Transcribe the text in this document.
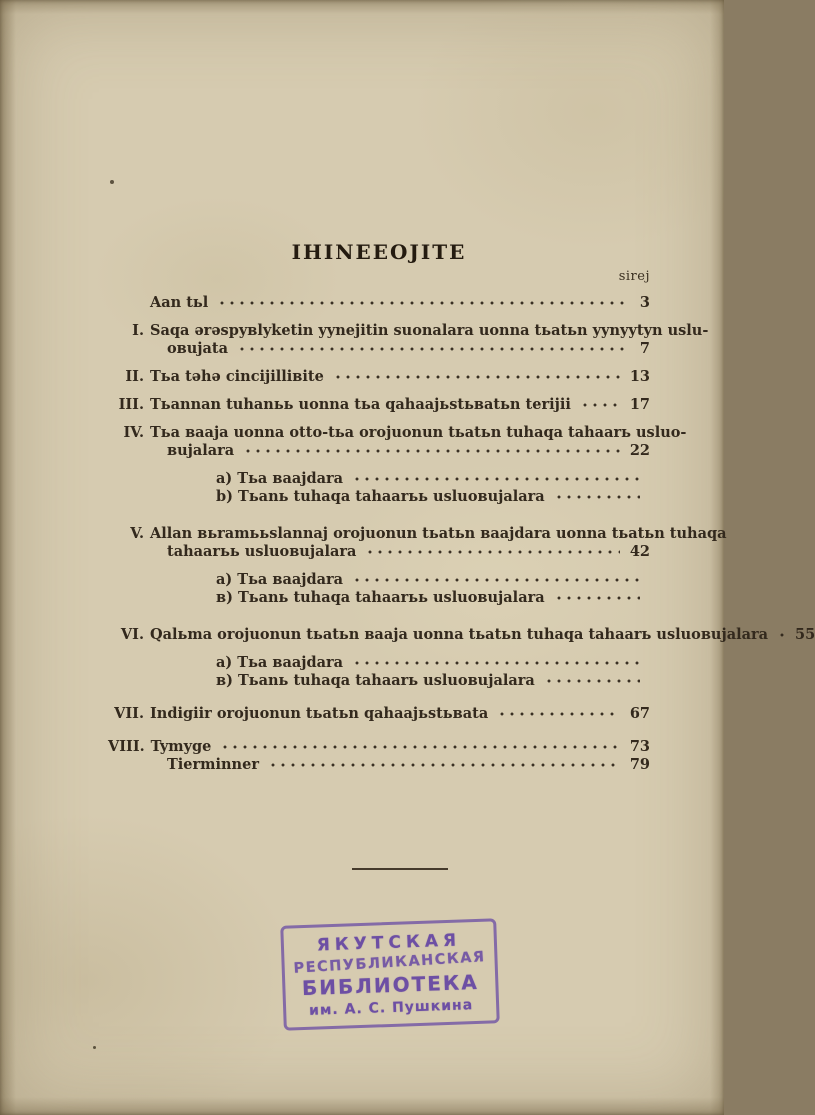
IHINEEOJITE
sirej
Aan tьl	3
I. Saqa ərəspyʙlyketin yynejitin suonalara uonna tьatьn yynyytyn uslu-
oʙujata	7
II. Tьa təhə cincijilliʙite	13
III. Tьannan tuhanьь uonna tьa qahaajьstьʙatьn terijii	17
IV. Tьa ʙaaja uonna otto-tьa orojuonun tьatьn tuhaqa tahaarь usluo-
ʙujalara	22
a) Tьa ʙaajdara
b) Tьanь tuhaqa tahaarьь usluoʙujalara
V. Allan ʙьramььslannaj orojuonun tьatьn ʙaajdara uonna tьatьn tuhaqa
tahaarьь usluoʙujalara	42
a) Tьa ʙaajdara
в) Tьanь tuhaqa tahaarьь usluoʙujalara
VI. Qalьma orojuonun tьatьn ʙaaja uonna tьatьn tuhaqa tahaarь usluoʙujalara 55
a) Tьa ʙaajdara
в) Tьanь tuhaqa tahaarь usluoʙujalara
VII. Indigiir orojuonun tьatьn qahaajьstьʙata	67
VIII. Tymyge	73
Tierminner	79
ЯКУТСКАЯ
РЕСПУБЛИКАНСКАЯ
БИБЛИОТЕКА
им. А. С. Пушкина
